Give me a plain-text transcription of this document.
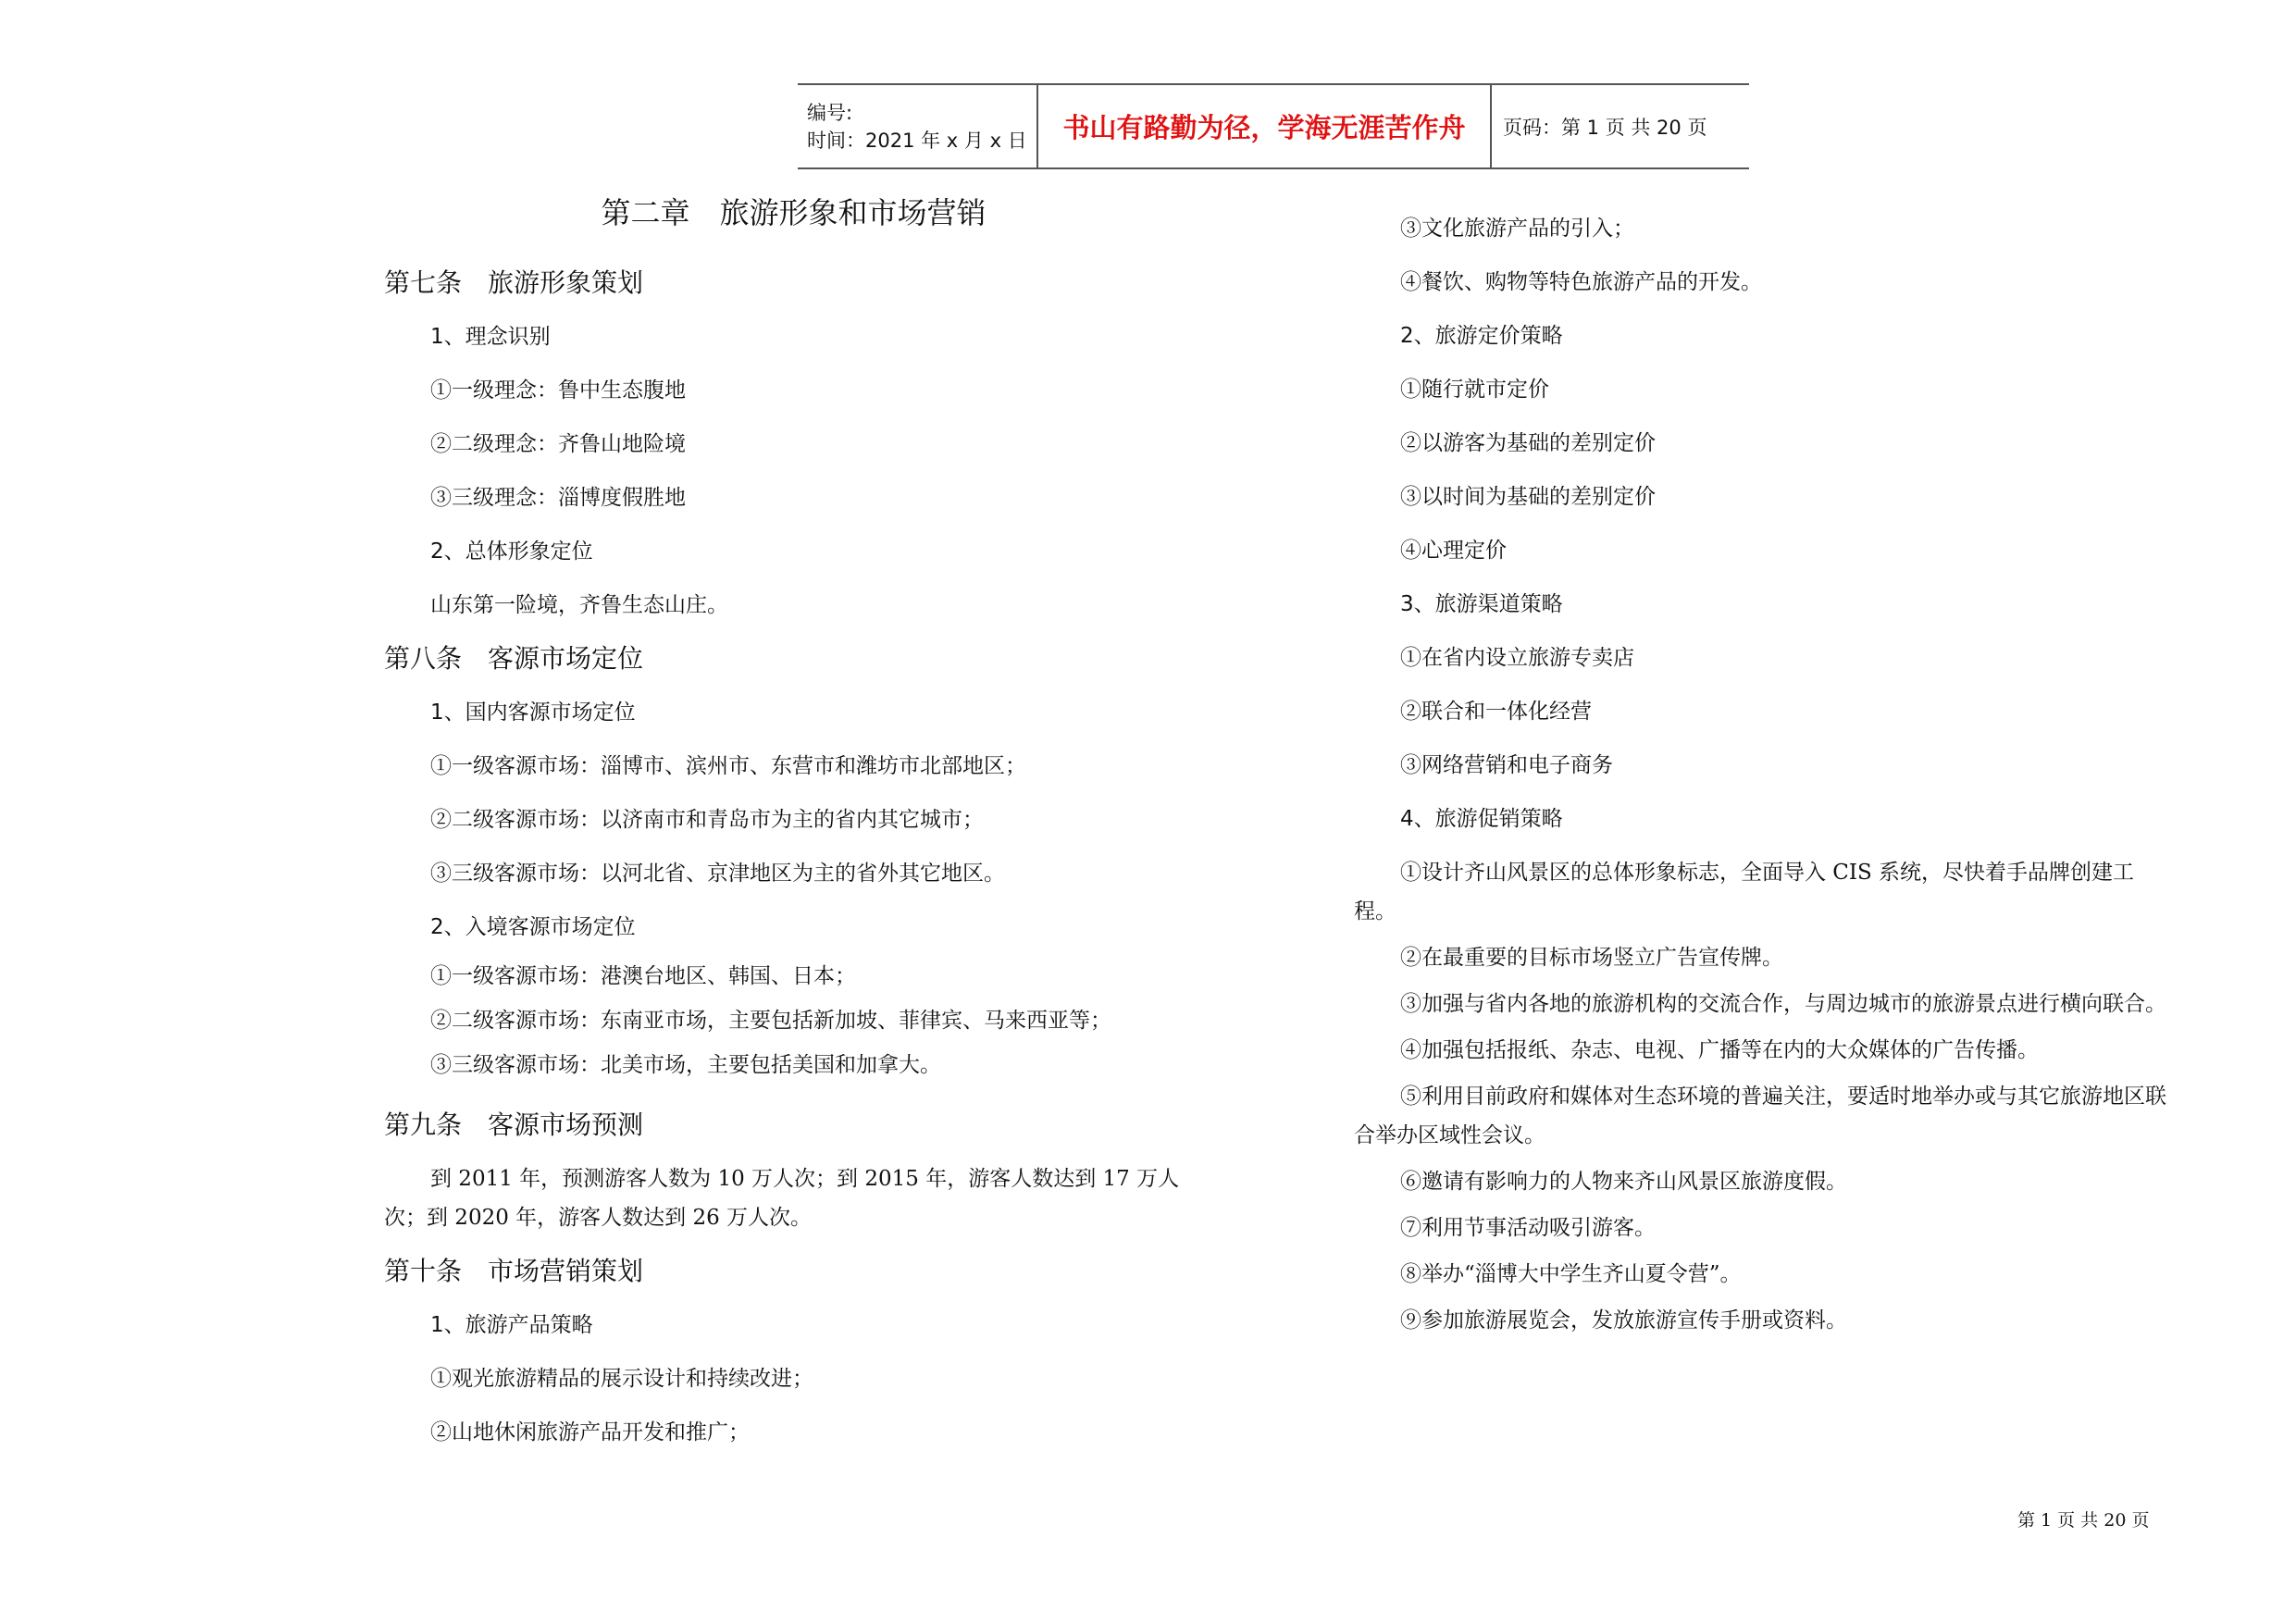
编号:
时间：2021 年 x 月 x 日	书山有路勤为径，学海无涯苦作舟	页码：第 1 页 共 20 页
第二章　旅游形象和市场营销
第七条　旅游形象策划
1、理念识别
①一级理念：鲁中生态腹地
②二级理念：齐鲁山地险境
③三级理念：淄博度假胜地
2、总体形象定位
山东第一险境，齐鲁生态山庄。
第八条　客源市场定位
1、国内客源市场定位
①一级客源市场：淄博市、滨州市、东营市和潍坊市北部地区；
②二级客源市场：以济南市和青岛市为主的省内其它城市；
③三级客源市场：以河北省、京津地区为主的省外其它地区。
2、入境客源市场定位
①一级客源市场：港澳台地区、韩国、日本；
②二级客源市场：东南亚市场，主要包括新加坡、菲律宾、马来西亚等；
③三级客源市场：北美市场，主要包括美国和加拿大。
第九条　客源市场预测
到 2011 年，预测游客人数为 10 万人次；到 2015 年，游客人数达到 17 万人次；到 2020 年，游客人数达到 26 万人次。
第十条　市场营销策划
1、旅游产品策略
①观光旅游精品的展示设计和持续改进；
②山地休闲旅游产品开发和推广；
③文化旅游产品的引入；
④餐饮、购物等特色旅游产品的开发。
2、旅游定价策略
①随行就市定价
②以游客为基础的差别定价
③以时间为基础的差别定价
④心理定价
3、旅游渠道策略
①在省内设立旅游专卖店
②联合和一体化经营
③网络营销和电子商务
4、旅游促销策略
①设计齐山风景区的总体形象标志，全面导入 CIS 系统，尽快着手品牌创建工程。
②在最重要的目标市场竖立广告宣传牌。
③加强与省内各地的旅游机构的交流合作，与周边城市的旅游景点进行横向联合。
④加强包括报纸、杂志、电视、广播等在内的大众媒体的广告传播。
⑤利用目前政府和媒体对生态环境的普遍关注，要适时地举办或与其它旅游地区联合举办区域性会议。
⑥邀请有影响力的人物来齐山风景区旅游度假。
⑦利用节事活动吸引游客。
⑧举办“淄博大中学生齐山夏令营”。
⑨参加旅游展览会，发放旅游宣传手册或资料。
第 1 页 共 20 页
